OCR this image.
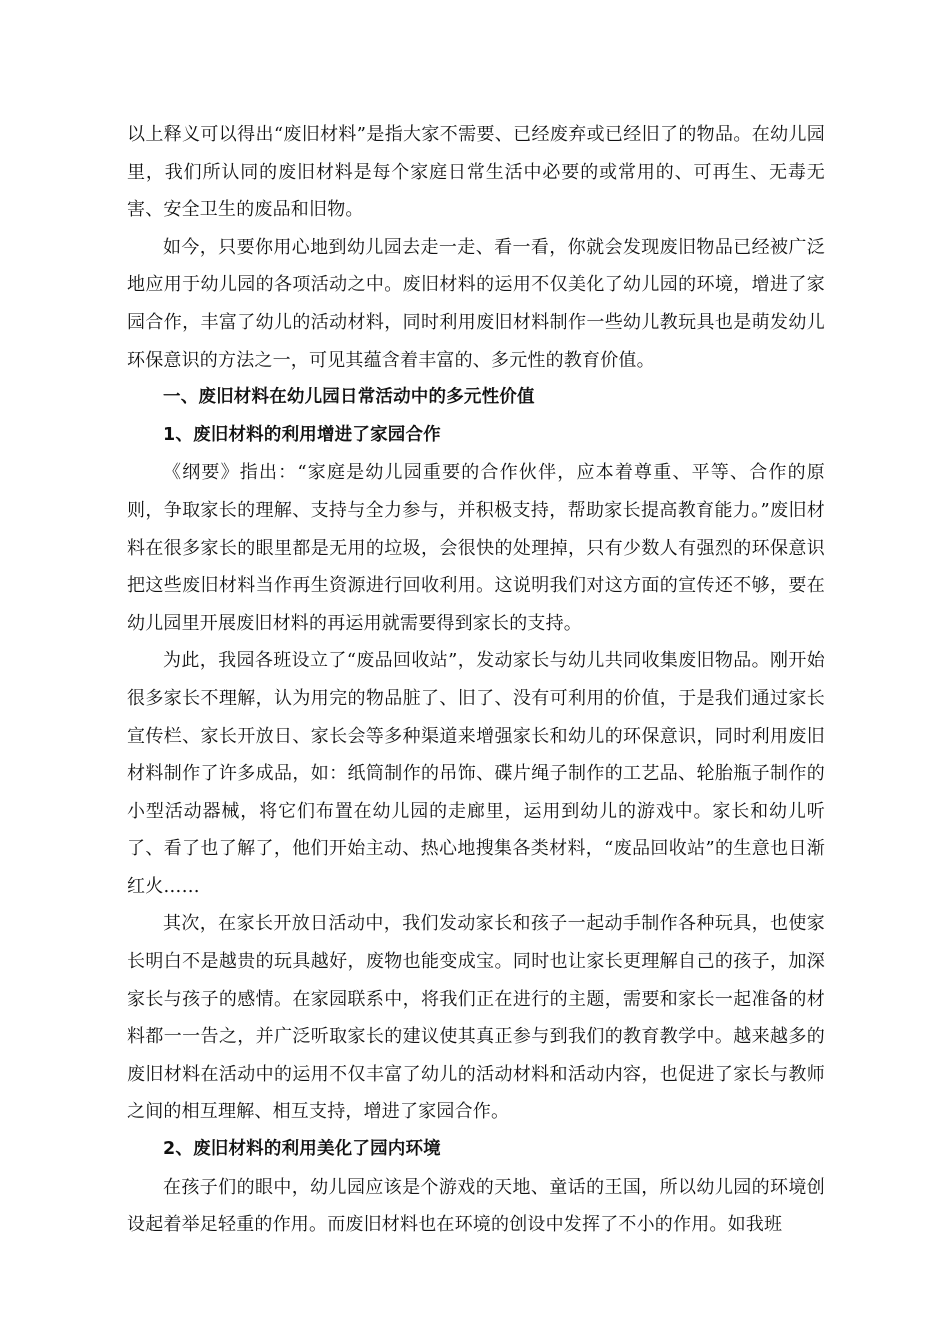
以上释义可以得出“废旧材料”是指大家不需要、已经废弃或已经旧了的物品。在幼儿园里，我们所认同的废旧材料是每个家庭日常生活中必要的或常用的、可再生、无毒无害、安全卫生的废品和旧物。

如今，只要你用心地到幼儿园去走一走、看一看，你就会发现废旧物品已经被广泛地应用于幼儿园的各项活动之中。废旧材料的运用不仅美化了幼儿园的环境，增进了家园合作，丰富了幼儿的活动材料，同时利用废旧材料制作一些幼儿教玩具也是萌发幼儿环保意识的方法之一，可见其蕴含着丰富的、多元性的教育价值。

一、废旧材料在幼儿园日常活动中的多元性价值

1、废旧材料的利用增进了家园合作

《纲要》指出：“家庭是幼儿园重要的合作伙伴，应本着尊重、平等、合作的原则，争取家长的理解、支持与全力参与，并积极支持，帮助家长提高教育能力。”废旧材料在很多家长的眼里都是无用的垃圾，会很快的处理掉，只有少数人有强烈的环保意识把这些废旧材料当作再生资源进行回收利用。这说明我们对这方面的宣传还不够，要在幼儿园里开展废旧材料的再运用就需要得到家长的支持。

为此，我园各班设立了“废品回收站”，发动家长与幼儿共同收集废旧物品。刚开始很多家长不理解，认为用完的物品脏了、旧了、没有可利用的价值，于是我们通过家长宣传栏、家长开放日、家长会等多种渠道来增强家长和幼儿的环保意识，同时利用废旧材料制作了许多成品，如：纸筒制作的吊饰、碟片绳子制作的工艺品、轮胎瓶子制作的小型活动器械，将它们布置在幼儿园的走廊里，运用到幼儿的游戏中。家长和幼儿听了、看了也了解了，他们开始主动、热心地搜集各类材料，“废品回收站”的生意也日渐红火……

其次，在家长开放日活动中，我们发动家长和孩子一起动手制作各种玩具，也使家长明白不是越贵的玩具越好，废物也能变成宝。同时也让家长更理解自己的孩子，加深家长与孩子的感情。在家园联系中，将我们正在进行的主题，需要和家长一起准备的材料都一一告之，并广泛听取家长的建议使其真正参与到我们的教育教学中。越来越多的废旧材料在活动中的运用不仅丰富了幼儿的活动材料和活动内容，也促进了家长与教师之间的相互理解、相互支持，增进了家园合作。

2、废旧材料的利用美化了园内环境

在孩子们的眼中，幼儿园应该是个游戏的天地、童话的王国，所以幼儿园的环境创设起着举足轻重的作用。而废旧材料也在环境的创设中发挥了不小的作用。如我班
